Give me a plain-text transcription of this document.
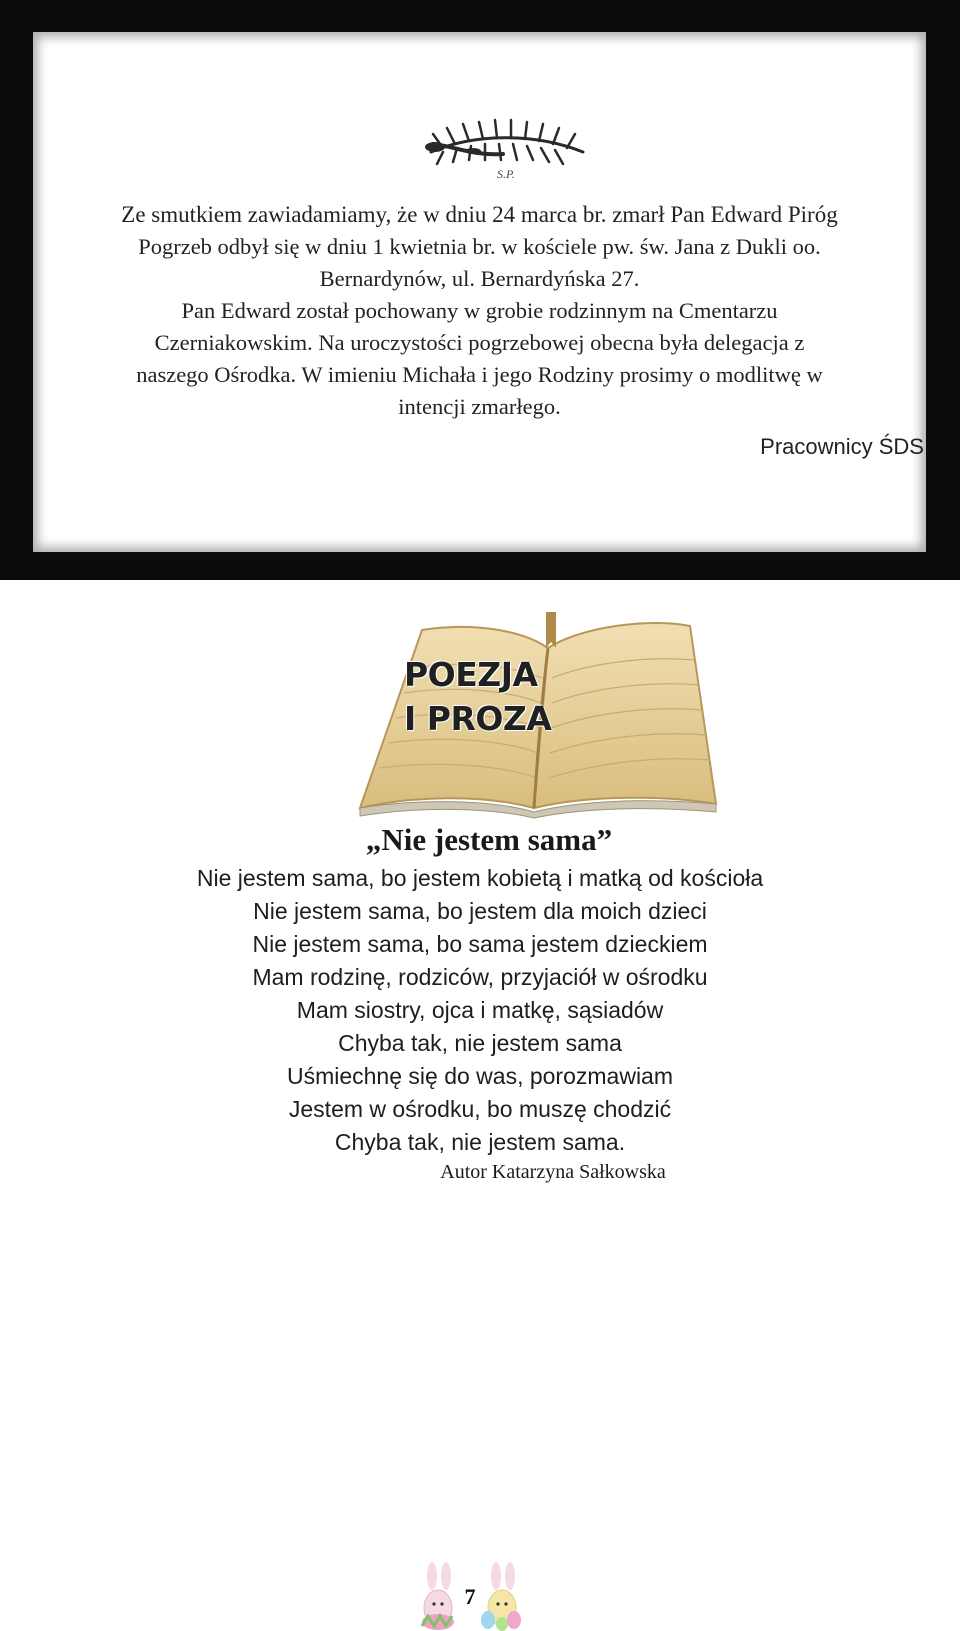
S.P.
Ze smutkiem zawiadamiamy, że w dniu 24 marca br. zmarł Pan Edward Piróg
Pogrzeb odbył się w dniu 1 kwietnia br. w kościele pw. św. Jana z Dukli oo.
Bernardynów, ul. Bernardyńska 27.
Pan Edward został pochowany w grobie rodzinnym na Cmentarzu
Czerniakowskim. Na uroczystości pogrzebowej obecna była delegacja z
naszego Ośrodka. W imieniu Michała i jego Rodziny prosimy o modlitwę w
intencji zmarłego.
Pracownicy ŚDS
POEZJA
I PROZA
„Nie jestem sama”
Nie jestem sama, bo jestem kobietą i matką od kościoła
Nie jestem sama, bo jestem dla moich dzieci
Nie jestem sama, bo sama jestem dzieckiem
Mam rodzinę, rodziców, przyjaciół w ośrodku
Mam siostry, ojca i matkę, sąsiadów
Chyba tak, nie jestem sama
Uśmiechnę się do was, porozmawiam
Jestem w ośrodku, bo muszę chodzić
Chyba tak, nie jestem sama.
Autor Katarzyna Sałkowska
7
